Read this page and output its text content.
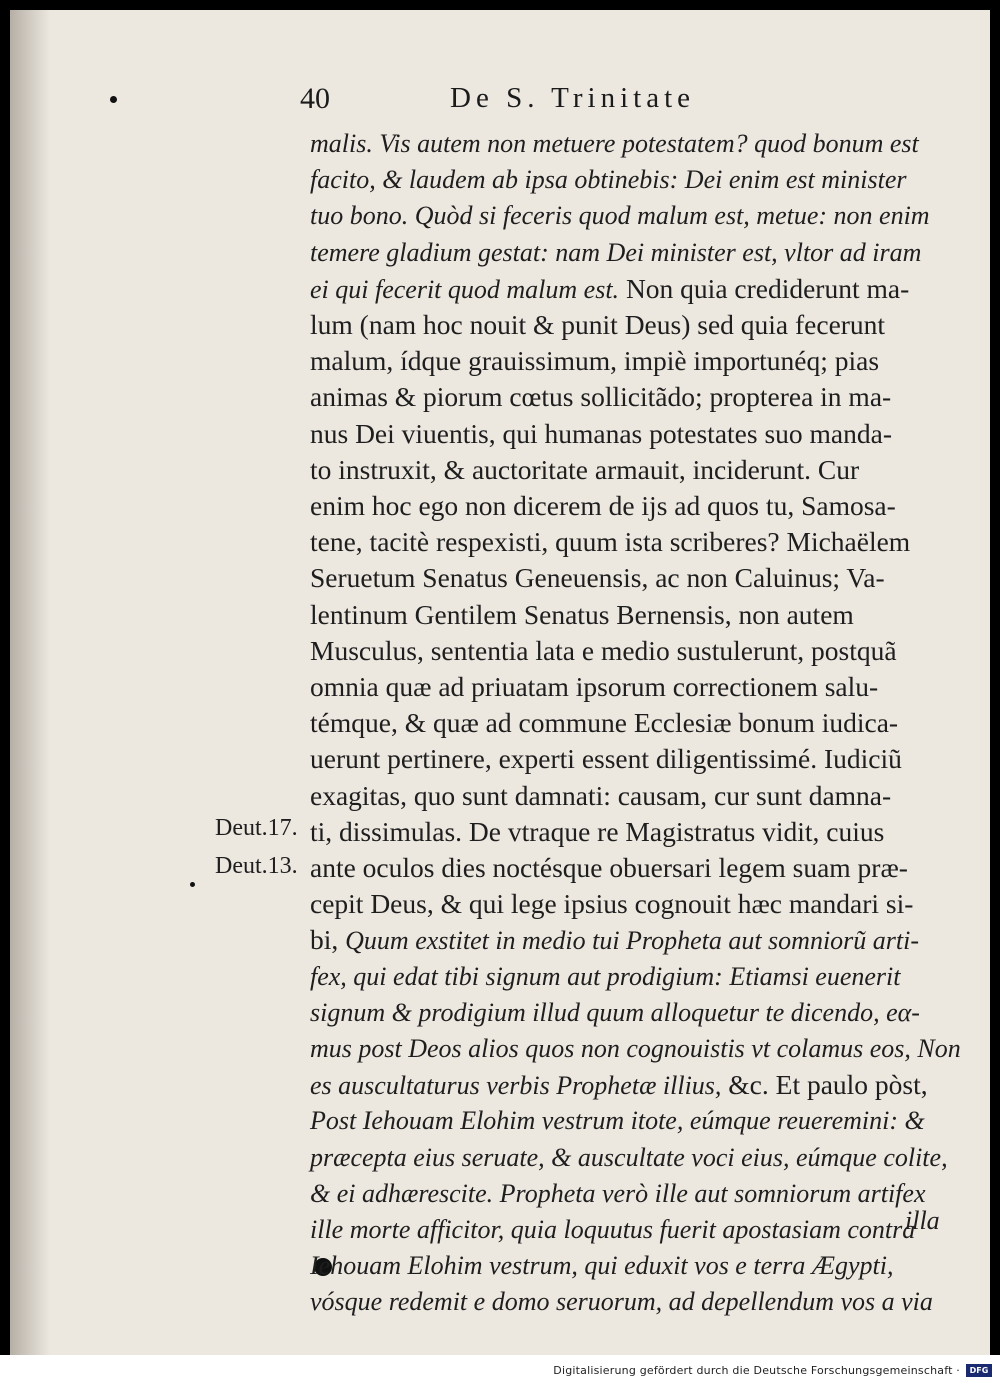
40	De S. Trinitate
malis. Vis autem non metuere potestatem? quod bonum est
facito, & laudem ab ipsa obtinebis: Dei enim est minister
tuo bono. Quòd si feceris quod malum est, metue: non enim
temere gladium gestat: nam Dei minister est, vltor ad iram
ei qui fecerit quod malum est. Non quia crediderunt ma-
lum (nam hoc nouit & punit Deus) sed quia fecerunt
malum, ídque grauissimum, impiè importunéq; pias
animas & piorum cœtus sollicitãdo; propterea in ma-
nus Dei viuentis, qui humanas potestates suo manda-
to instruxit, & auctoritate armauit, inciderunt. Cur
enim hoc ego non dicerem de ijs ad quos tu, Samosa-
tene, tacitè respexisti, quum ista scriberes? Michaëlem
Seruetum Senatus Geneuensis, ac non Caluinus; Va-
lentinum Gentilem Senatus Bernensis, non autem
Musculus, sententia lata e medio sustulerunt, postquã
omnia quæ ad priuatam ipsorum correctionem salu-
témque, & quæ ad commune Ecclesiæ bonum iudica-
uerunt pertinere, experti essent diligentissimé. Iudiciũ
exagitas, quo sunt damnati: causam, cur sunt damna-
ti, dissimulas. De vtraque re Magistratus vidit, cuius
ante oculos dies noctésque obuersari legem suam præ-
cepit Deus, & qui lege ipsius cognouit hæc mandari si-
bi, Quum exstitet in medio tui Propheta aut somniorũ arti-
fex, qui edat tibi signum aut prodigium: Etiamsi euenerit
signum & prodigium illud quum alloquetur te dicendo, eα-
mus post Deos alios quos non cognouistis vt colamus eos, Non
es auscultaturus verbis Prophetæ illius, &c. Et paulo pòst,
Post Iehouam Elohim vestrum itote, eúmque reueremini: &
præcepta eius seruate, & auscultate voci eius, eúmque colite,
& ei adhærescite. Propheta verò ille aut somniorum artifex
ille morte afficitor, quia loquutus fuerit apostasiam contra
Iehouam Elohim vestrum, qui eduxit vos e terra Ægypti,
vósque redemit e domo seruorum, ad depellendum vos a via
Deut.17.
Deut.13.
illa
Digitalisierung gefördert durch die Deutsche Forschungsgemeinschaft ·	DFG
